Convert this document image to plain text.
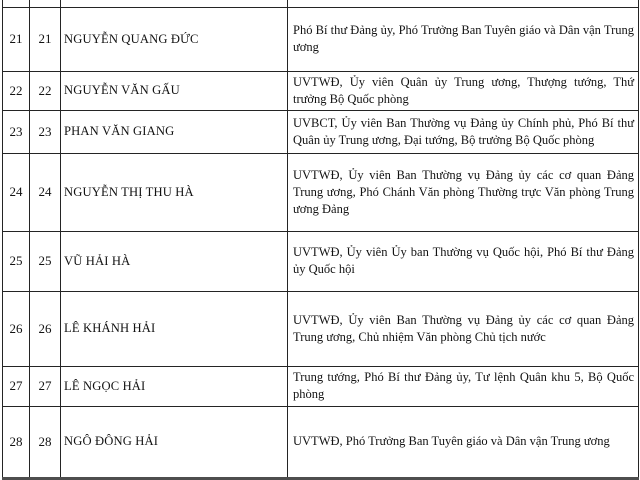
21	21	NGUYỄN QUANG ĐỨC	Phó Bí thư Đảng ủy, Phó Trưởng Ban Tuyên giáo và Dân vận Trung ương
22	22	NGUYỄN VĂN GẤU	UVTWĐ, Ủy viên Quân ủy Trung ương, Thượng tướng, Thứ trưởng Bộ Quốc phòng
23	23	PHAN VĂN GIANG	UVBCT, Ủy viên Ban Thường vụ Đảng ủy Chính phủ, Phó Bí thư Quân ủy Trung ương, Đại tướng, Bộ trưởng Bộ Quốc phòng
24	24	NGUYỄN THỊ THU HÀ	UVTWĐ, Ủy viên Ban Thường vụ Đảng ủy các cơ quan Đảng Trung ương, Phó Chánh Văn phòng Thường trực Văn phòng Trung ương Đảng
25	25	VŨ HẢI HÀ	UVTWĐ, Ủy viên Ủy ban Thường vụ Quốc hội, Phó Bí thư Đảng ủy Quốc hội
26	26	LÊ KHÁNH HẢI	UVTWĐ, Ủy viên Ban Thường vụ Đảng ủy các cơ quan Đảng Trung ương, Chủ nhiệm Văn phòng Chủ tịch nước
27	27	LÊ NGỌC HẢI	Trung tướng, Phó Bí thư Đảng ủy, Tư lệnh Quân khu 5, Bộ Quốc phòng
28	28	NGÔ ĐÔNG HẢI	UVTWĐ, Phó Trưởng Ban Tuyên giáo và Dân vận Trung ương
